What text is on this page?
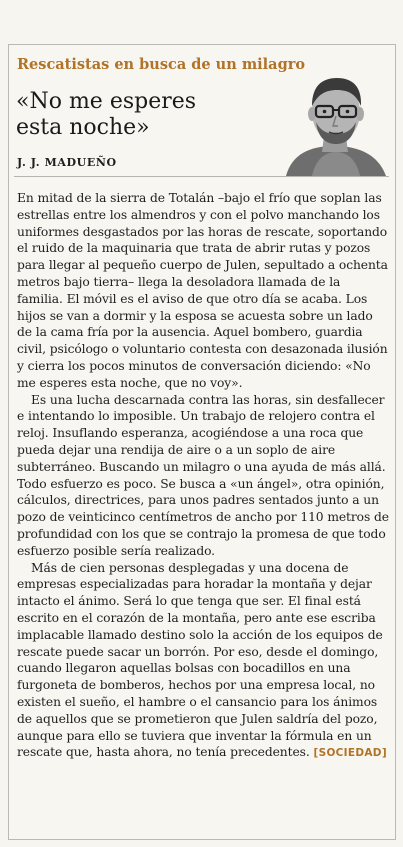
Rescatistas en busca de un milagro
«No me esperes
esta noche»
J. J. MADUEÑO

En mitad de la sierra de Totalán –bajo el frío que soplan las estrellas entre los almendros y con el polvo manchando los uniformes desgastados por las horas de rescate, soportando el ruido de la maquinaria que trata de abrir rutas y pozos para llegar al pequeño cuerpo de Julen, sepultado a ochenta metros bajo tierra– llega la desoladora llamada de la familia. El móvil es el aviso de que otro día se acaba. Los hijos se van a dormir y la esposa se acuesta sobre un lado de la cama fría por la ausencia. Aquel bombero, guardia civil, psicólogo o voluntario contesta con desazonada ilusión y cierra los pocos minutos de conversación diciendo: «No me esperes esta noche, que no voy».

Es una lucha descarnada contra las horas, sin desfallecer e intentando lo imposible. Un trabajo de relojero contra el reloj. Insuflando esperanza, acogiéndose a una roca que pueda dejar una rendija de aire o a un soplo de aire subterráneo. Buscando un milagro o una ayuda de más allá. Todo esfuerzo es poco. Se busca a «un ángel», otra opinión, cálculos, directrices, para unos padres sentados junto a un pozo de veinticinco centímetros de ancho por 110 metros de profundidad con los que se contrajo la promesa de que todo esfuerzo posible sería realizado.

Más de cien personas desplegadas y una docena de empresas especializadas para horadar la montaña y dejar intacto el ánimo. Será lo que tenga que ser. El final está escrito en el corazón de la montaña, pero ante ese escriba implacable llamado destino solo la acción de los equipos de rescate puede sacar un borrón. Por eso, desde el domingo, cuando llegaron aquellas bolsas con bocadillos en una furgoneta de bomberos, hechos por una empresa local, no existen el sueño, el hambre o el cansancio para los ánimos de aquellos que se prometieron que Julen saldría del pozo, aunque para ello se tuviera que inventar la fórmula en un rescate que, hasta ahora, no tenía precedentes. [SOCIEDAD]
